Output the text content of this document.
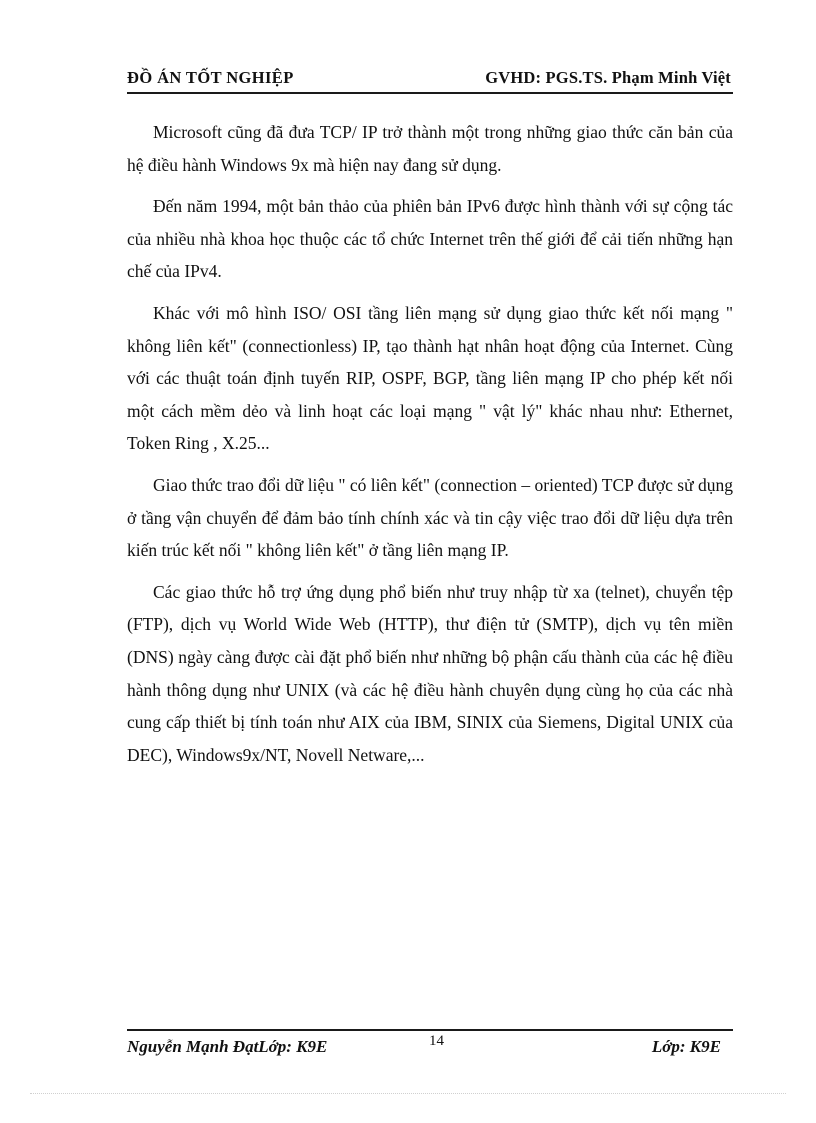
ĐỒ ÁN TỐT NGHIỆP	GVHD: PGS.TS. Phạm Minh Việt

Microsoft cũng đã đưa TCP/ IP trở thành một trong những giao thức căn bản của hệ điều hành Windows 9x mà hiện nay đang sử dụng.

Đến năm 1994, một bản thảo của phiên bản IPv6 được hình thành với sự cộng tác của nhiều nhà khoa học thuộc các tổ chức Internet trên thế giới để cải tiến những hạn chế của IPv4.

Khác với mô hình ISO/ OSI tầng liên mạng sử dụng giao thức kết nối mạng " không liên kết" (connectionless) IP, tạo thành hạt nhân hoạt động của Internet. Cùng với các thuật toán định tuyến RIP, OSPF, BGP, tầng liên mạng IP cho phép kết nối một cách mềm dẻo và linh hoạt các loại mạng " vật lý" khác nhau như: Ethernet, Token Ring , X.25...

Giao thức trao đổi dữ liệu " có liên kết" (connection – oriented) TCP được sử dụng ở tầng vận chuyển để đảm bảo tính chính xác và tin cậy việc trao đổi dữ liệu dựa trên kiến trúc kết nối " không liên kết" ở tầng liên mạng IP.

Các giao thức hỗ trợ ứng dụng phổ biến như truy nhập từ xa (telnet), chuyển tệp (FTP), dịch vụ World Wide Web (HTTP), thư điện tử (SMTP), dịch vụ tên miền (DNS) ngày càng được cài đặt phổ biến như những bộ phận cấu thành của các hệ điều hành thông dụng như UNIX (và các hệ điều hành chuyên dụng cùng họ của các nhà cung cấp thiết bị tính toán như AIX của IBM, SINIX của Siemens, Digital UNIX của DEC), Windows9x/NT, Novell Netware,...

Nguyễn Mạnh ĐạtLớp: K9E	14	Lớp: K9E
